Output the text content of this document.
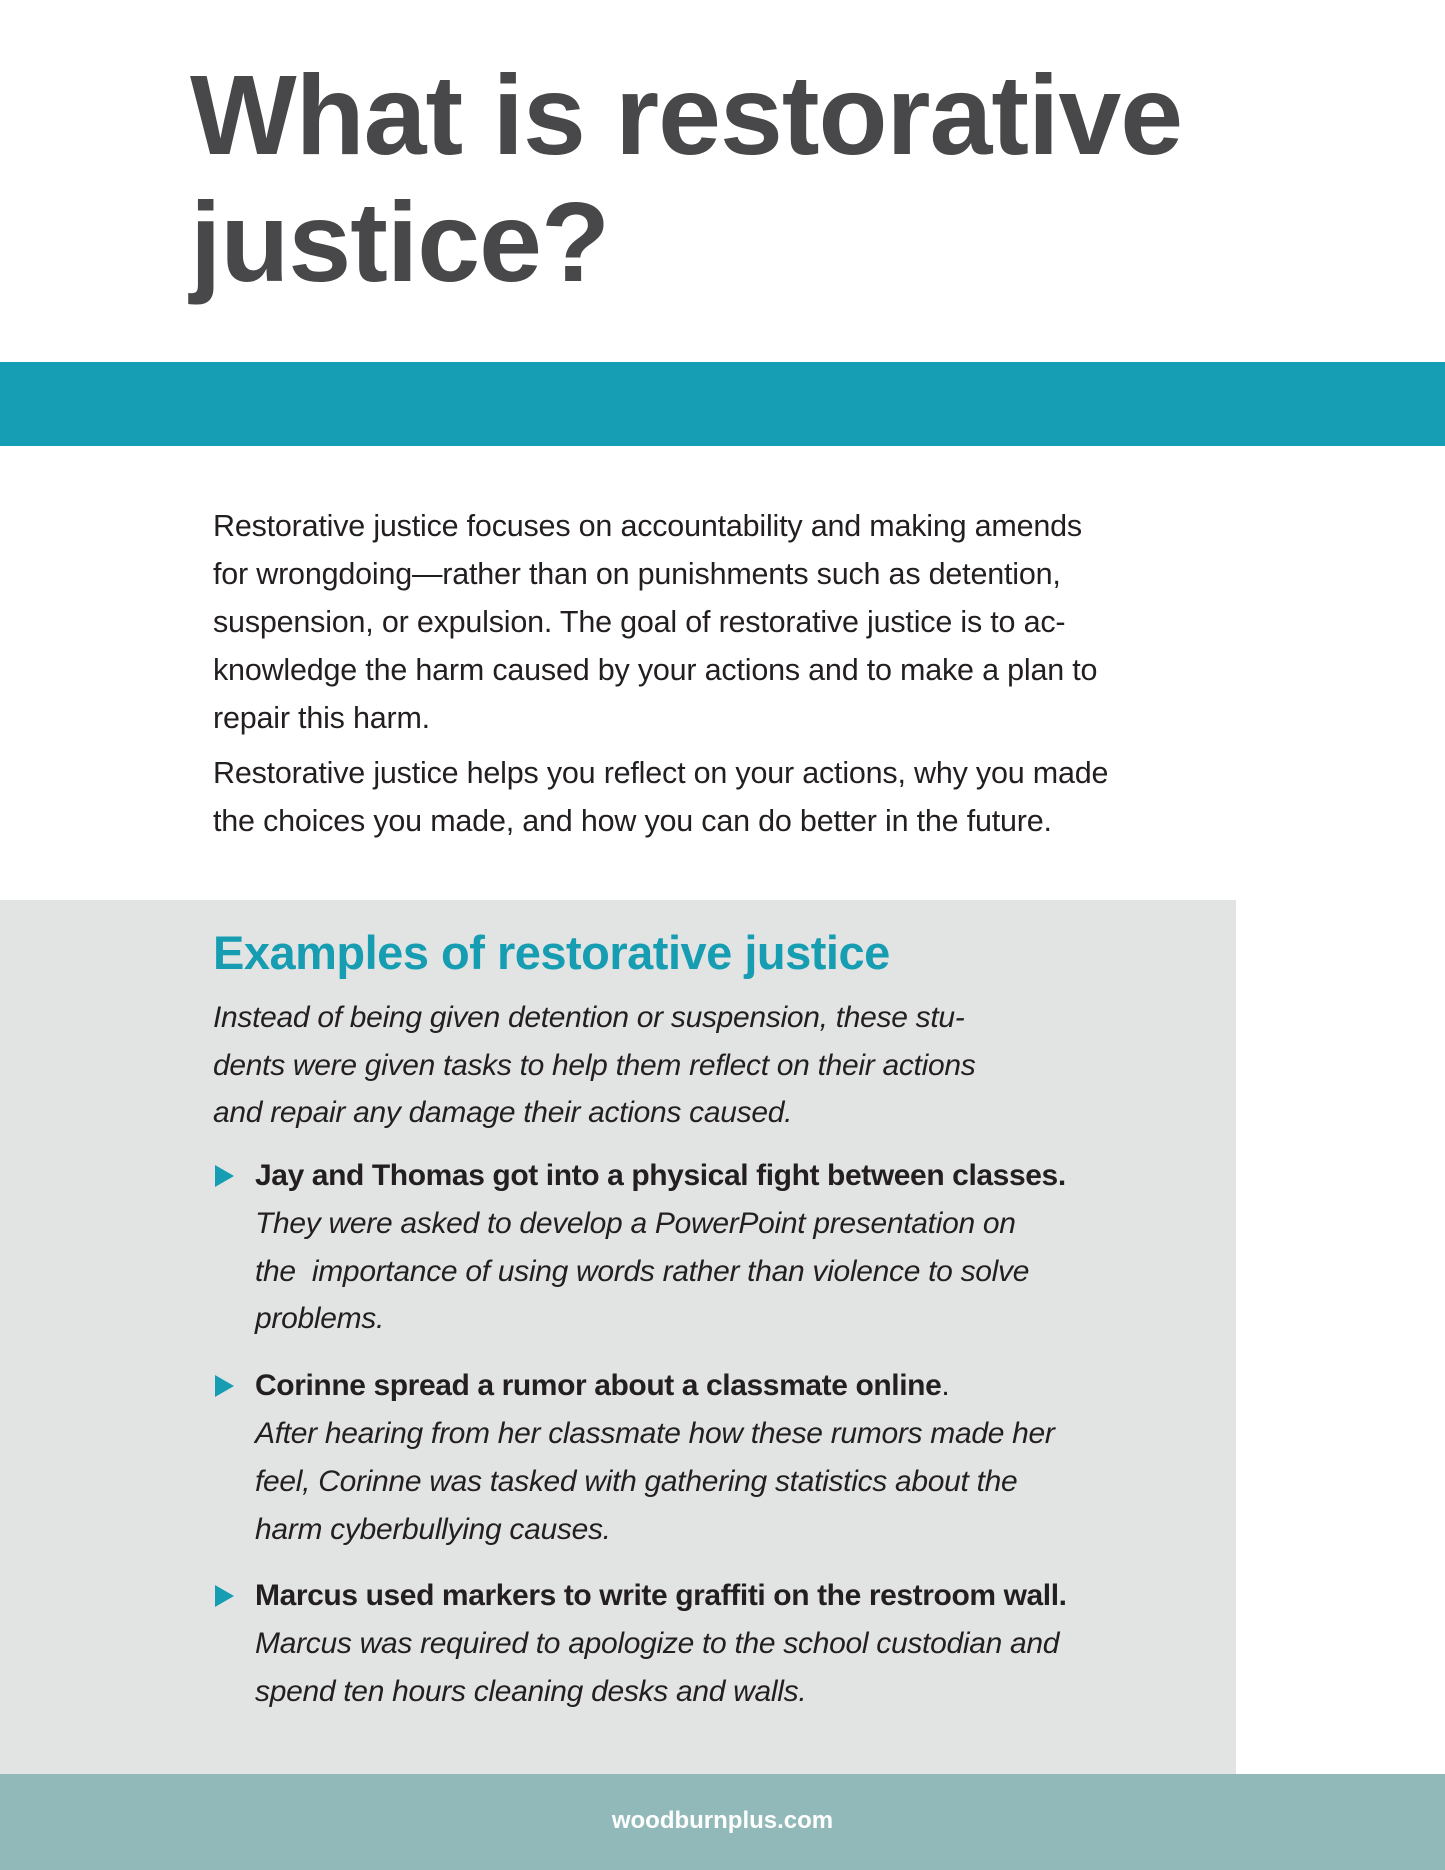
What is restorative
justice?

Restorative justice focuses on accountability and making amends
for wrongdoing—rather than on punishments such as detention,
suspension, or expulsion. The goal of restorative justice is to ac-
knowledge the harm caused by your actions and to make a plan to
repair this harm.

Restorative justice helps you reflect on your actions, why you made
the choices you made, and how you can do better in the future.

Examples of restorative justice
Instead of being given detention or suspension, these stu-
dents were given tasks to help them reflect on their actions
and repair any damage their actions caused.
Jay and Thomas got into a physical fight between classes.
They were asked to develop a PowerPoint presentation on
the  importance of using words rather than violence to solve
problems.
Corinne spread a rumor about a classmate online.
After hearing from her classmate how these rumors made her
feel, Corinne was tasked with gathering statistics about the
harm cyberbullying causes.
Marcus used markers to write graffiti on the restroom wall.
Marcus was required to apologize to the school custodian and
spend ten hours cleaning desks and walls.
woodburnplus.com
